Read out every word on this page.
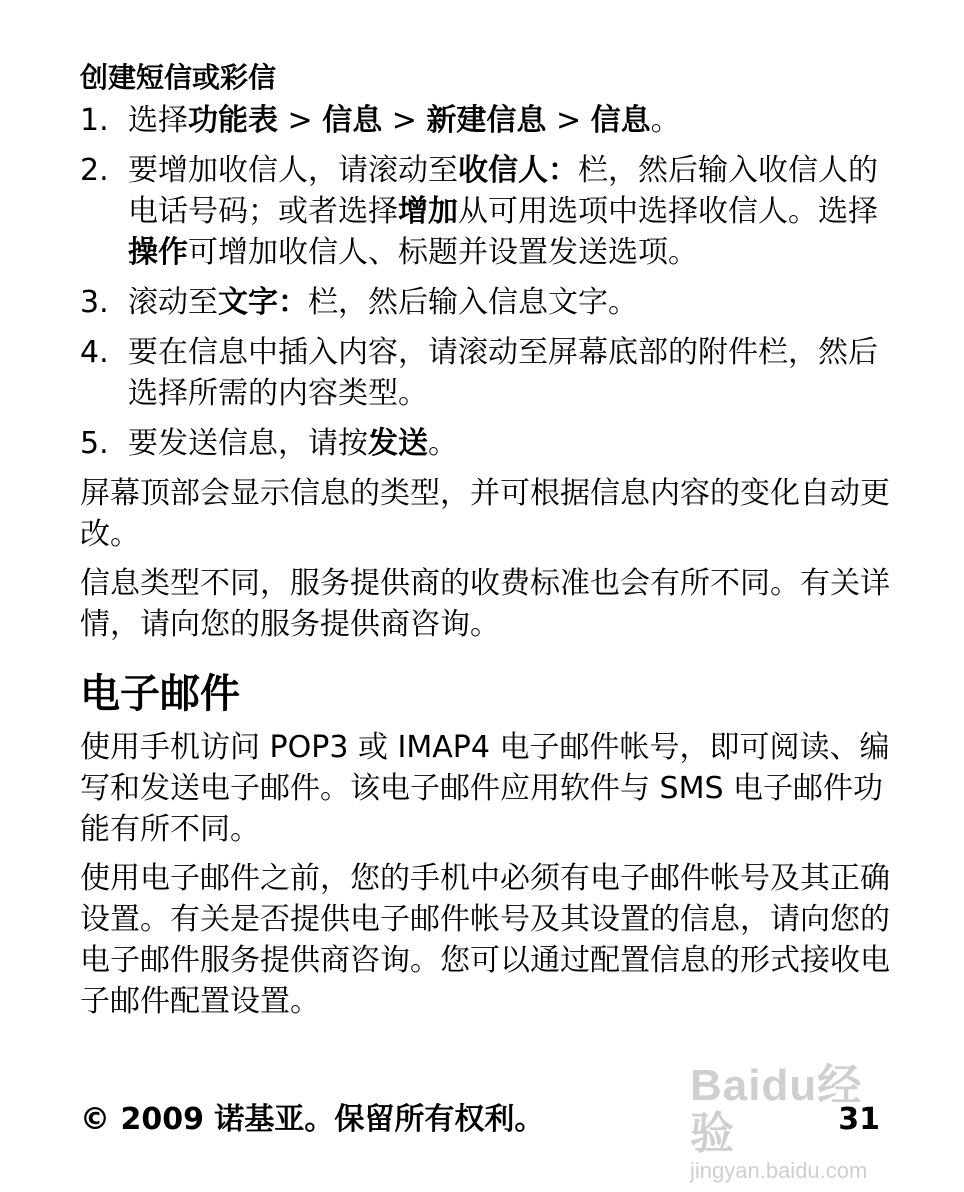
创建短信或彩信
1. 选择功能表 > 信息 > 新建信息 > 信息。
2. 要增加收信人，请滚动至收信人：栏，然后输入收信人的电话号码；或者选择增加从可用选项中选择收信人。选择操作可增加收信人、标题并设置发送选项。
3. 滚动至文字：栏，然后输入信息文字。
4. 要在信息中插入内容，请滚动至屏幕底部的附件栏，然后选择所需的内容类型。
5. 要发送信息，请按发送。

屏幕顶部会显示信息的类型，并可根据信息内容的变化自动更改。

信息类型不同，服务提供商的收费标准也会有所不同。有关详情，请向您的服务提供商咨询。

电子邮件

使用手机访问 POP3 或 IMAP4 电子邮件帐号，即可阅读、编写和发送电子邮件。该电子邮件应用软件与 SMS 电子邮件功能有所不同。

使用电子邮件之前，您的手机中必须有电子邮件帐号及其正确设置。有关是否提供电子邮件帐号及其设置的信息，请向您的电子邮件服务提供商咨询。您可以通过配置信息的形式接收电子邮件配置设置。

Baidu经验
jingyan.baidu.com
© 2009 诺基亚。保留所有权利。	31
